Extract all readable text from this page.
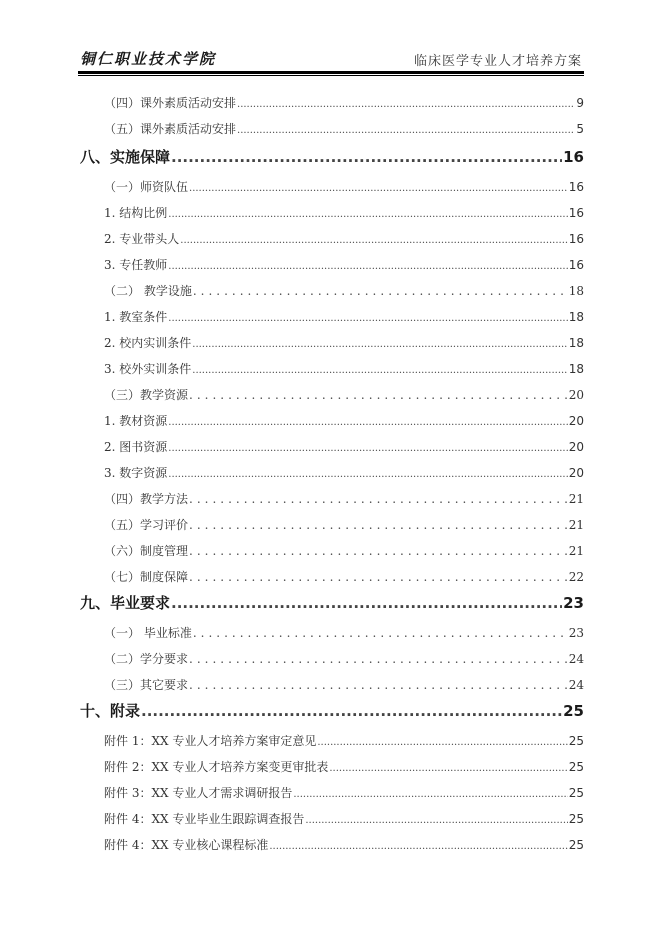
铜仁职业技术学院	临床医学专业人才培养方案
（四）课外素质活动安排 .....	9
（五）课外素质活动安排 .....	5
八、实施保障 .....	16
（一）师资队伍 .....	16
1. 结构比例 .....	16
2. 专业带头人 .....	16
3. 专任教师 .....	16
（二） 教学设施 .....	18
1. 教室条件 .....	18
2. 校内实训条件 .....	18
3. 校外实训条件 .....	18
（三）教学资源 .....	20
1. 教材资源 .....	20
2. 图书资源 .....	20
3. 数字资源 .....	20
（四）教学方法 .....	21
（五）学习评价 .....	21
（六）制度管理 .....	21
（七）制度保障 .....	22
九、毕业要求 .....	23
（一） 毕业标准 .....	23
（二）学分要求 .....	24
（三）其它要求 .....	24
十、附录 .....	25
附件 1：XX 专业人才培养方案审定意见 .....	25
附件 2：XX 专业人才培养方案变更审批表 .....	25
附件 3：XX 专业人才需求调研报告 .....	25
附件 4：XX 专业毕业生跟踪调查报告 .....	25
附件 4：XX 专业核心课程标准 .....	25
